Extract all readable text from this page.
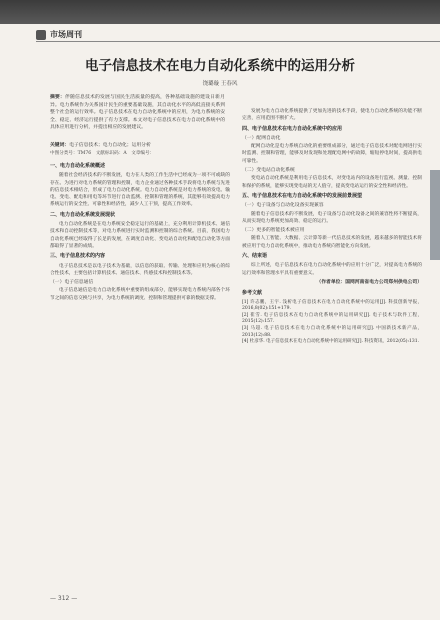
市场周刊
电子信息技术在电力自动化系统中的运用分析
饶璐璇 王春风
摘要：伴随信息技术的发展与国民生活质量的提高，各种基础设施的建设日新月异。电力系统作为关系国计民生的重要基础设施，其自动化水平的高低直接关系到整个社会的运行效率。电子信息技术在电力自动化系统中的应用，为电力系统的安全、稳定、经济运行提供了有力支撑。本文对电子信息技术在电力自动化系统中的具体应用进行分析，并提出相应的发展建议。
关键词：电子信息技术；电力自动化；运用分析
中图分类号：TM76　文献标识码：A　文章编号：
一、电力自动化系统概述

随着社会经济技术的不断发展，电力在人类的工作生活中已经成为一项不可或缺的存在。为进行对电力系统的管理和控制，电力企业通过各种技术手段将电力系统与先进的信息技术相结合，形成了电力自动化系统。电力自动化系统是对电力系统的发电、输电、变电、配电和用电等环节进行自动监测、控制和管理的系统，其能够有效提高电力系统运行的安全性、可靠性和经济性，减少人工干预，提高工作效率。

二、电力自动化系统发展现状

电力自动化系统是在电力系统安全稳定运行的基础上，充分利用计算机技术、通信技术和自动控制技术等，对电力系统进行实时监测和控制的综合系统。目前，我国电力自动化系统已经取得了长足的发展，在调度自动化、变电站自动化和配电自动化等方面都取得了显著的成绩。

三、电子信息技术的内容

电子信息技术是以电子技术为基础，以信息的获取、传输、处理和应用为核心的综合性技术，主要包括计算机技术、通信技术、传感技术和控制技术等。

（一）电子信息通信

电子信息通信是电力自动化系统中重要的组成部分，能够实现电力系统内部各个环节之间的信息交换与共享，为电力系统的调度、控制和管理提供可靠的数据支撑。

发展为电力自动化系统提供了更加先进的技术手段，使电力自动化系统的功能不断完善，应用范围不断扩大。

四、电子信息技术在电力自动化系统中的应用
（一）配网自动化

配网自动化是电力系统自动化的重要组成部分，通过电子信息技术对配电网进行实时监测、控制和管理，能够及时发现和处理配电网中的故障，缩短停电时间，提高供电可靠性。

（二）变电站自动化系统

变电站自动化系统是利用电子信息技术，对变电站内的设备进行监视、测量、控制和保护的系统，能够实现变电站的无人值守，提高变电站运行的安全性和经济性。

五、电子信息技术在电力自动化系统中的发展前景展望
（一）电子设备与自动化设备实现兼容

随着电子信息技术的不断发展，电子设备与自动化设备之间的兼容性将不断提高，从而实现电力系统更加高效、稳定的运行。

（二）更多的智能技术被应用

随着人工智能、大数据、云计算等新一代信息技术的发展，越来越多的智能技术将被应用于电力自动化系统中，推动电力系统向智能化方向发展。

六、结束语

综上所述，电子信息技术在电力自动化系统中的应用十分广泛，对提高电力系统的运行效率和管理水平具有重要意义。

（作者单位：国网河南省电力公司郑州供电公司）
参考文献

[1] 许志鹏，王宇. 浅析电子信息技术在电力自动化系统中的运用[J]. 科技创新导报，2016,8(02):151+179.

[2] 崔雪. 电子信息技术在电力自动化系统中的运用研究[J]. 电子技术与软件工程，2015(12):157.

[3] 马超. 电子信息技术在电力自动化系统中的运用研究[J]. 中国新技术新产品，2013(12):88.

[4] 杜彦华. 电子信息技术在电力自动化系统中的运用研究[J]. 科技资讯，2012(05):131.

— 312 —
